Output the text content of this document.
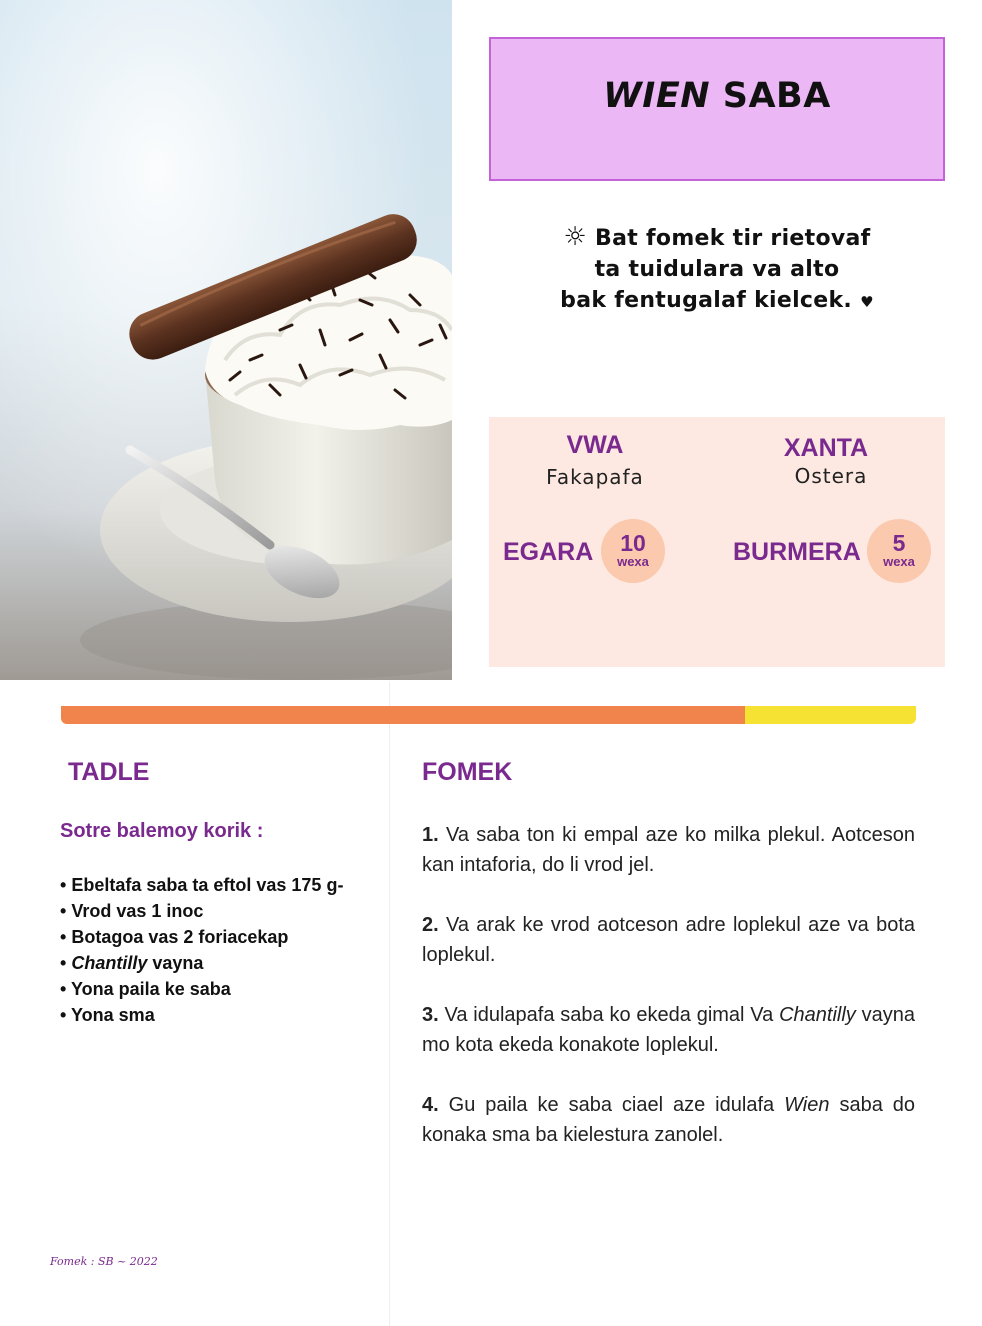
WIEN SABA
☼ Bat fomek tir rietovaf
ta tuidulara va alto
bak fentugalaf kielcek. ♥
VWA
Fakapafa
XANTA
Ostera
EGARA	10
wexa	BURMERA	5
wexa
TADLE
Sotre balemoy korik :
• Ebeltafa saba ta eftol vas 175 g-
• Vrod vas 1 inoc
• Botagoa vas 2 foriacekap
• Chantilly vayna
• Yona paila ke saba
• Yona sma
FOMEK

1. Va saba ton ki empal aze ko milka plekul. Aotceson kan intaforia, do li vrod jel.

2. Va arak ke vrod aotceson adre loplekul aze va bota loplekul.

3. Va idulapafa saba ko ekeda gimal Va Chantilly vayna mo kota ekeda konakote loplekul.

4. Gu paila ke saba ciael aze idulafa Wien saba do konaka sma ba kielestura zanolel.

Fomek : SB ~ 2022
